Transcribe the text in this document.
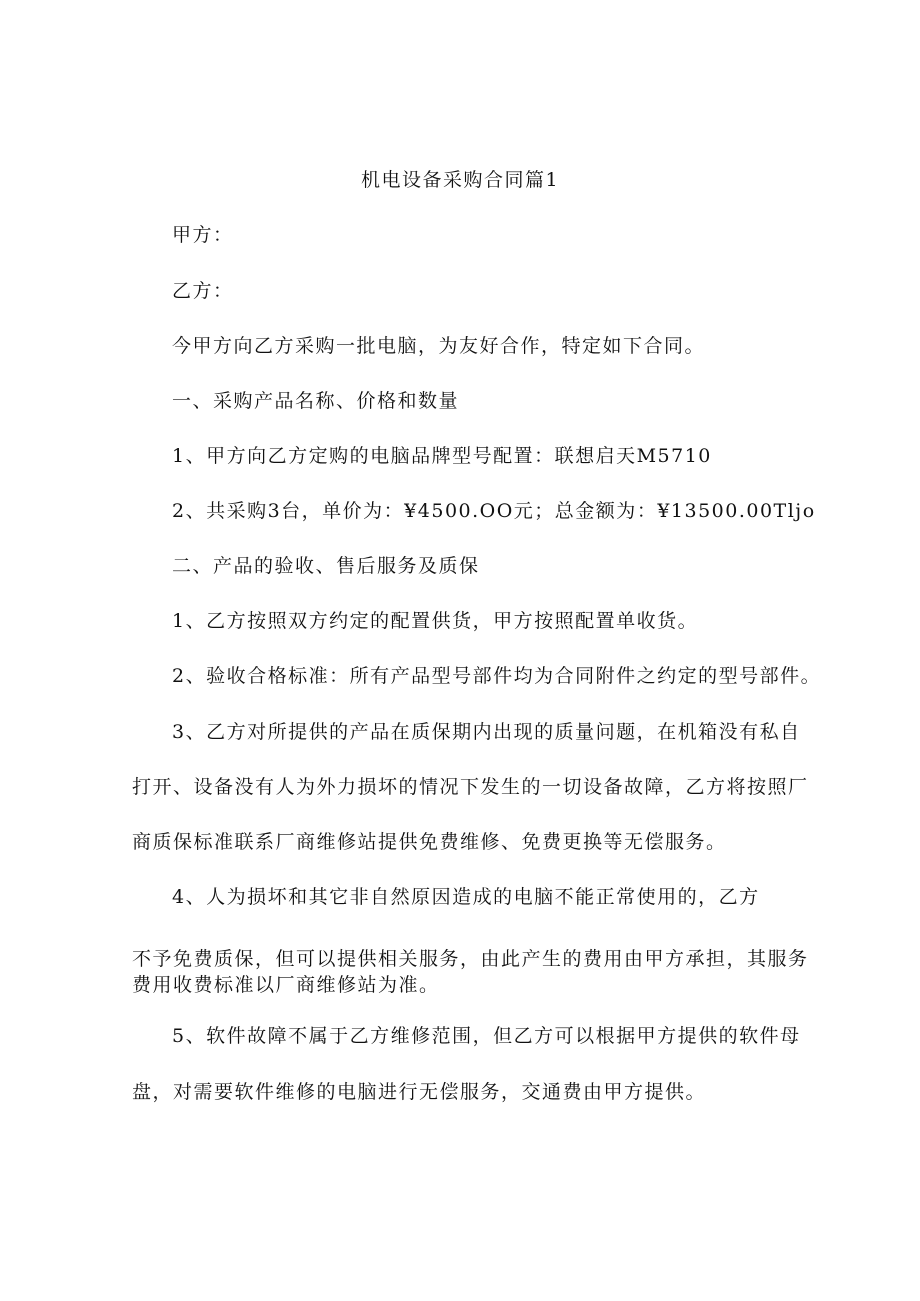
机电设备采购合同篇1
甲方：
乙方：
今甲方向乙方采购一批电脑，为友好合作，特定如下合同。
一、采购产品名称、价格和数量
1、甲方向乙方定购的电脑品牌型号配置：联想启天M5710
2、共采购3台，单价为：¥4500.OO元；总金额为：¥13500.00Tljo
二、产品的验收、售后服务及质保
1、乙方按照双方约定的配置供货，甲方按照配置单收货。
2、验收合格标准：所有产品型号部件均为合同附件之约定的型号部件。
3、乙方对所提供的产品在质保期内出现的质量问题，在机箱没有私自
打开、设备没有人为外力损坏的情况下发生的一切设备故障，乙方将按照厂
商质保标准联系厂商维修站提供免费维修、免费更换等无偿服务。
4、人为损坏和其它非自然原因造成的电脑不能正常使用的，乙方
不予免费质保，但可以提供相关服务，由此产生的费用由甲方承担，其服务
费用收费标准以厂商维修站为准。
5、软件故障不属于乙方维修范围，但乙方可以根据甲方提供的软件母
盘，对需要软件维修的电脑进行无偿服务，交通费由甲方提供。
